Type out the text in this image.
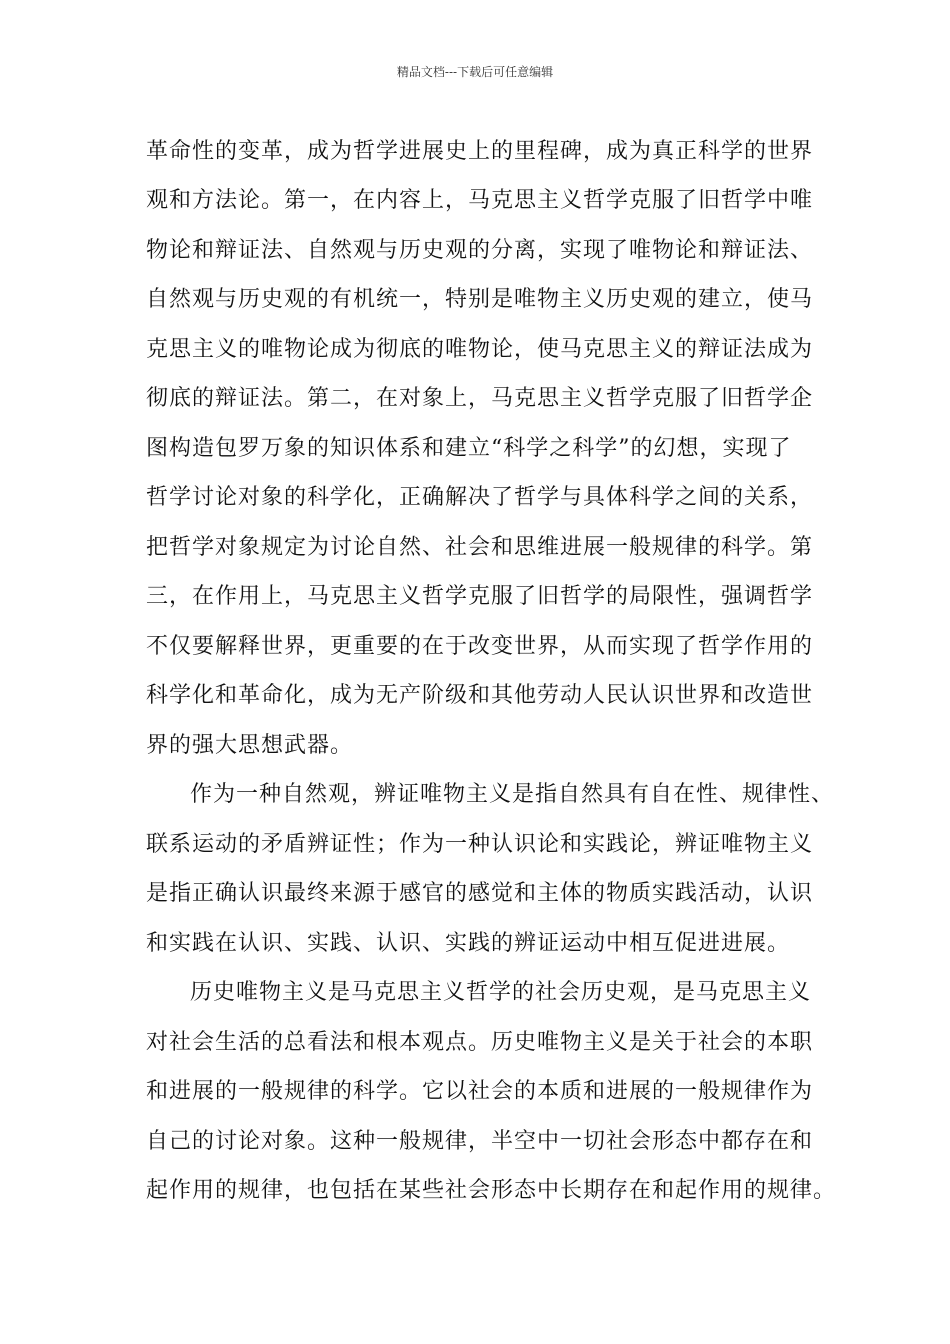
精品文档---下载后可任意编辑
革命性的变革，成为哲学进展史上的里程碑，成为真正科学的世界
观和方法论。第一，在内容上，马克思主义哲学克服了旧哲学中唯
物论和辩证法、自然观与历史观的分离，实现了唯物论和辩证法、
自然观与历史观的有机统一，特别是唯物主义历史观的建立，使马
克思主义的唯物论成为彻底的唯物论，使马克思主义的辩证法成为
彻底的辩证法。第二，在对象上，马克思主义哲学克服了旧哲学企
图构造包罗万象的知识体系和建立“科学之科学”的幻想，实现了
哲学讨论对象的科学化，正确解决了哲学与具体科学之间的关系，
把哲学对象规定为讨论自然、社会和思维进展一般规律的科学。第
三，在作用上，马克思主义哲学克服了旧哲学的局限性，强调哲学
不仅要解释世界，更重要的在于改变世界，从而实现了哲学作用的
科学化和革命化，成为无产阶级和其他劳动人民认识世界和改造世
界的强大思想武器。
作为一种自然观，辨证唯物主义是指自然具有自在性、规律性、
联系运动的矛盾辨证性；作为一种认识论和实践论，辨证唯物主义
是指正确认识最终来源于感官的感觉和主体的物质实践活动，认识
和实践在认识、实践、认识、实践的辨证运动中相互促进进展。
历史唯物主义是马克思主义哲学的社会历史观，是马克思主义
对社会生活的总看法和根本观点。历史唯物主义是关于社会的本职
和进展的一般规律的科学。它以社会的本质和进展的一般规律作为
自己的讨论对象。这种一般规律，半空中一切社会形态中都存在和
起作用的规律，也包括在某些社会形态中长期存在和起作用的规律。
